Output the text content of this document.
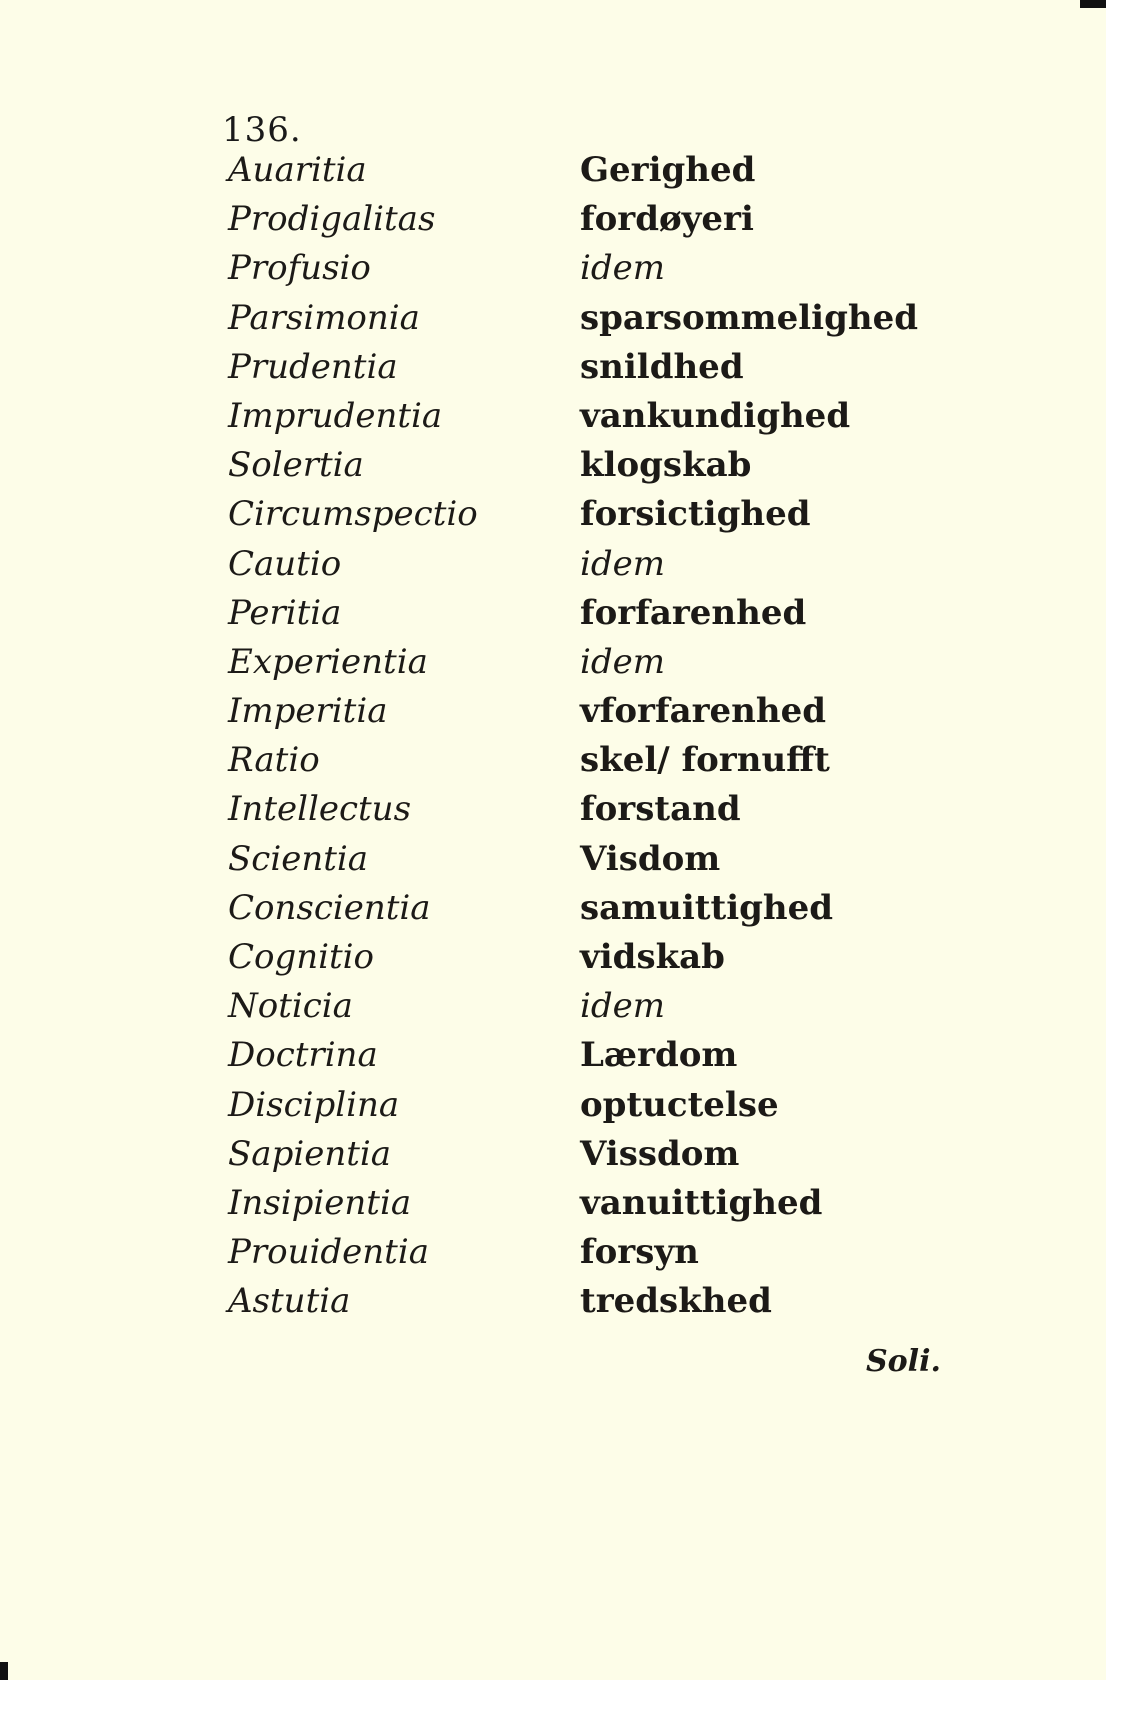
136.
Auaritia	Gerighed
Prodigalitas	fordøyeri
Profusio	idem
Parsimonia	sparsommelighed
Prudentia	snildhed
Imprudentia	vankundighed
Solertia	klogskab
Circumspectio	forsictighed
Cautio	idem
Peritia	forfarenhed
Experientia	idem
Imperitia	vforfarenhed
Ratio	skel/ fornufft
Intellectus	forstand
Scientia	Visdom
Conscientia	samuittighed
Cognitio	vidskab
Noticia	idem
Doctrina	Lærdom
Disciplina	optuctelse
Sapientia	Vissdom
Insipientia	vanuittighed
Prouidentia	forsyn
Astutia	tredskhed
Soli.
